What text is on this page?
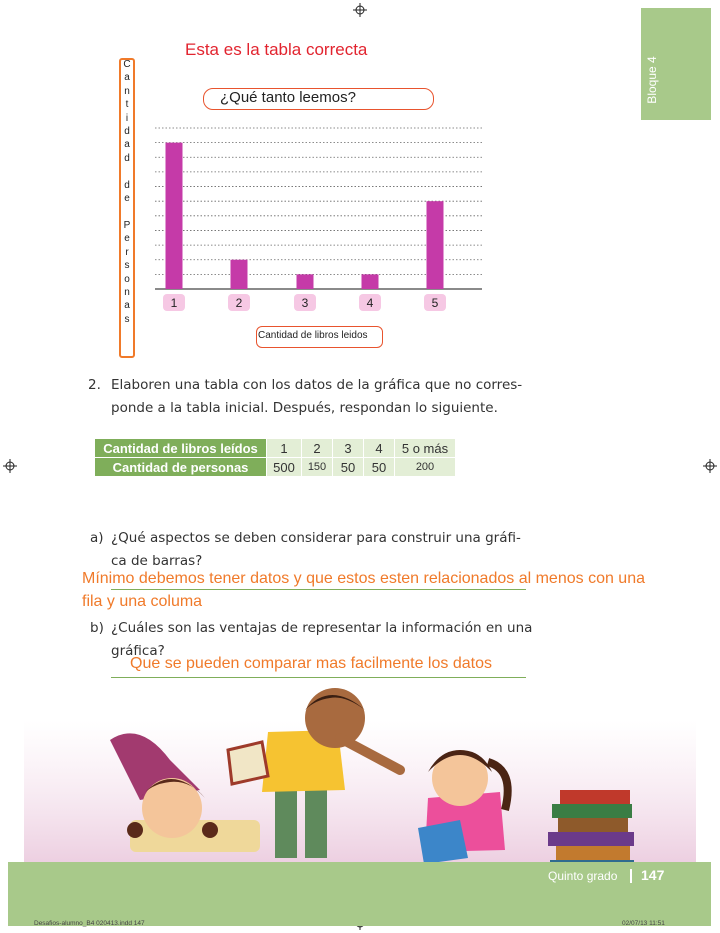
Bloque 4
Esta es la tabla correcta
C
a
n
t
i
d
a
d

d
e

P
e
r
s
o
n
a
s
¿Qué tanto leemos?
1	2	3	4	5
Cantidad de libros leidos
2. Elaboren una tabla con los datos de la gráfica que no corres-
ponde a la tabla inicial. Después, respondan lo siguiente.
Cantidad de libros leídos	1	2	3	4	5 o más
Cantidad de personas	500	150	50	50	200
a) ¿Qué aspectos se deben considerar para construir una gráfi-
ca de barras?
Mínimo debemos tener datos y que estos esten relacionados al menos con una
fila y una columa
b) ¿Cuáles son las ventajas de representar la información en una
gráfica?
Que se pueden comparar mas facilmente los datos
Quinto grado 147
Desafios-alumno_B4 020413.indd 147	02/07/13 11:51
